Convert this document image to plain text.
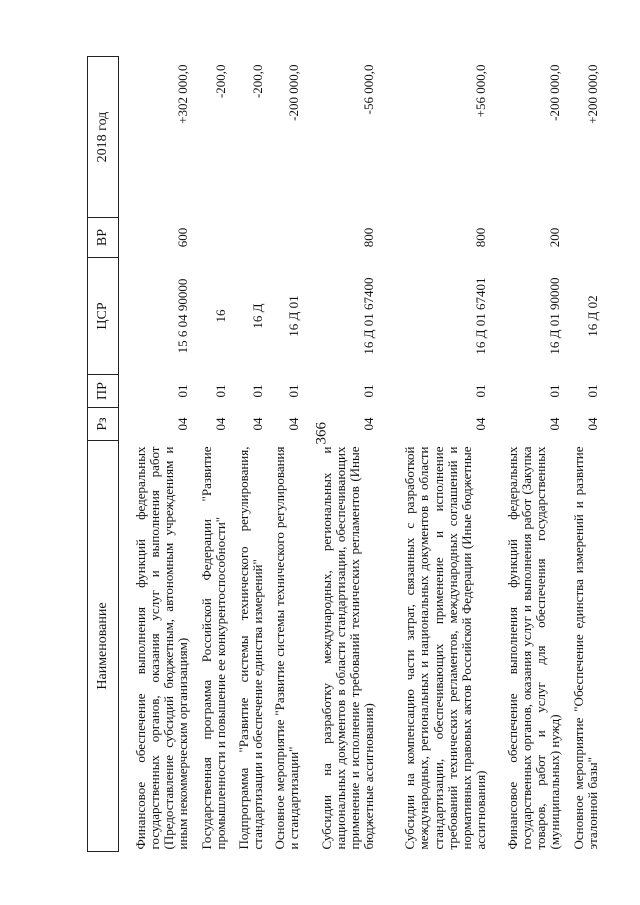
366
Наименование	Рз	ПР	ЦСР	ВР	2018 год
Финансовое обеспечение выполнения функций федеральных государственных органов, оказания услуг и выполнения работ (Предоставление субсидий бюджетным, автономным учреждениям и иным некоммерческим организациям)	04	01	15 6 04 90000	600	+302 000,0
Государственная программа Российской Федерации "Развитие промышленности и повышение ее конкурентоспособности"	04	01	16		-200,0
Подпрограмма "Развитие системы технического регулирования, стандартизации и обеспечение единства измерений"	04	01	16 Д		-200,0
Основное мероприятие "Развитие системы технического регулирования и стандартизации"	04	01	16 Д 01		-200 000,0
Субсидии на разработку международных, региональных и национальных документов в области стандартизации, обеспечивающих применение и исполнение требований технических регламентов (Иные бюджетные ассигнования)	04	01	16 Д 01 67400	800	-56 000,0
Субсидии на компенсацию части затрат, связанных с разработкой международных, региональных и национальных документов в области стандартизации, обеспечивающих применение и исполнение требований технических регламентов, международных соглашений и нормативных правовых актов Российской Федерации (Иные бюджетные ассигнования)	04	01	16 Д 01 67401	800	+56 000,0
Финансовое обеспечение выполнения функций федеральных государственных органов, оказания услуг и выполнения работ (Закупка товаров, работ и услуг для обеспечения государственных (муниципальных) нужд)	04	01	16 Д 01 90000	200	-200 000,0
Основное мероприятие "Обеспечение единства измерений и развитие эталонной базы"	04	01	16 Д 02		+200 000,0
